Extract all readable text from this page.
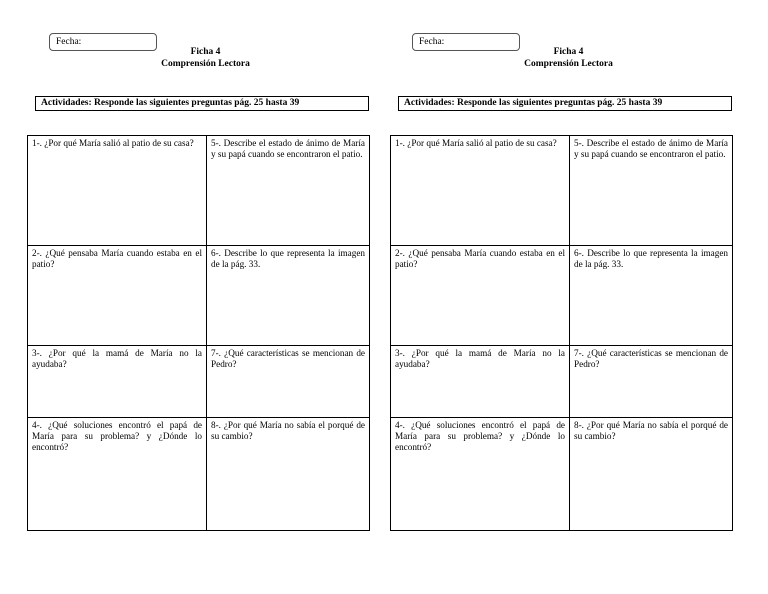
Fecha:
Ficha 4
Comprensión Lectora
Actividades: Responde las siguientes preguntas pág. 25 hasta 39
1-. ¿Por qué María salió al patio de su casa?	5-. Describe el estado de ánimo de María y su papá cuando se encontraron el patio.
2-. ¿Qué pensaba María cuando estaba en el patio?
6-. Describe lo que representa la imagen de la pág. 33.
3-. ¿Por qué la mamá de María no la ayudaba?
7-. ¿Qué características se mencionan de Pedro?
4-. ¿Qué soluciones encontró el papá de María para su problema? y ¿Dónde lo encontró?
8-. ¿Por qué María no sabía el porqué de su cambio?
Fecha:
Ficha 4
Comprensión Lectora
Actividades: Responde las siguientes preguntas pág. 25 hasta 39
1-. ¿Por qué María salió al patio de su casa?	5-. Describe el estado de ánimo de María y su papá cuando se encontraron el patio.
2-. ¿Qué pensaba María cuando estaba en el patio?
6-. Describe lo que representa la imagen de la pág. 33.
3-. ¿Por qué la mamá de María no la ayudaba?
7-. ¿Qué características se mencionan de Pedro?
4-. ¿Qué soluciones encontró el papá de María para su problema? y ¿Dónde lo encontró?
8-. ¿Por qué María no sabía el porqué de su cambio?
